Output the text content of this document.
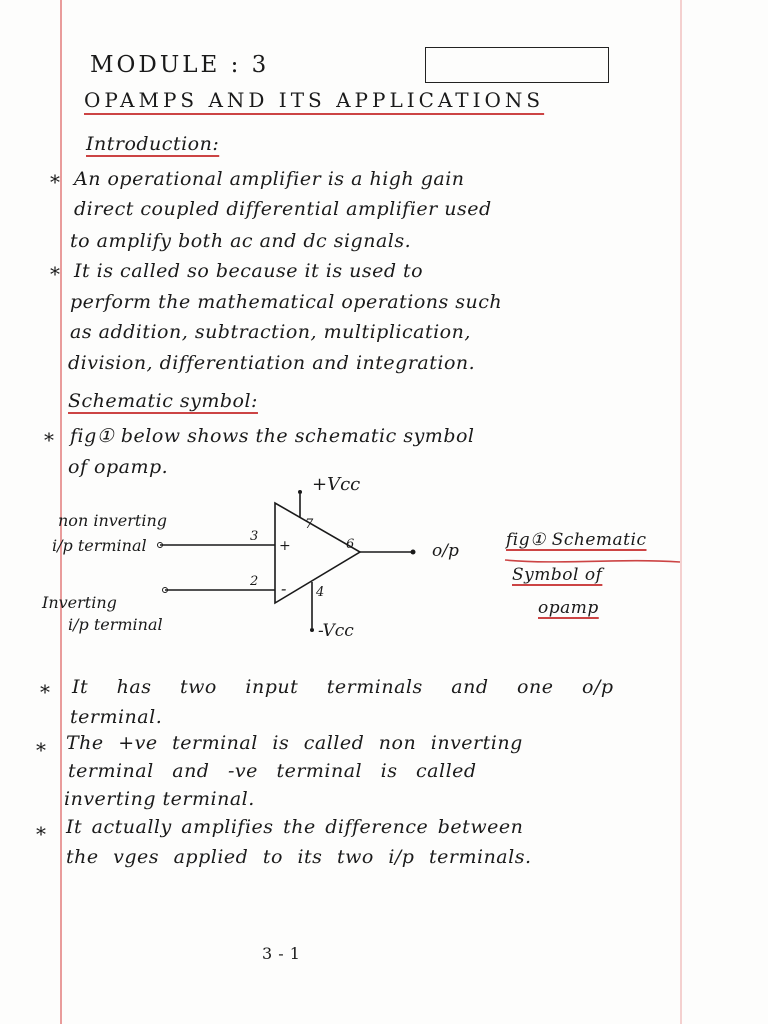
MODULE : 3
OPAMPS AND ITS APPLICATIONS
Introduction:
* An operational amplifier is a high gain
direct coupled differential amplifier used
to amplify both ac and dc signals.
* It is called so because it is used to
perform the mathematical operations such
as addition, subtraction, multiplication,
division, differentiation and integration.
Schematic symbol:
* fig① below shows the schematic symbol
of opamp.
+Vcc
-Vcc
+
-
3
2
7
4
6
non inverting
i/p terminal
Inverting
i/p terminal
o/p
fig① Schematic
Symbol of
opamp
* It has two input terminals and one o/p
terminal.
* The +ve terminal is called non inverting
terminal and -ve terminal is called
inverting terminal.
* It actually amplifies the difference between
the vges applied to its two i/p terminals.
3 - 1
